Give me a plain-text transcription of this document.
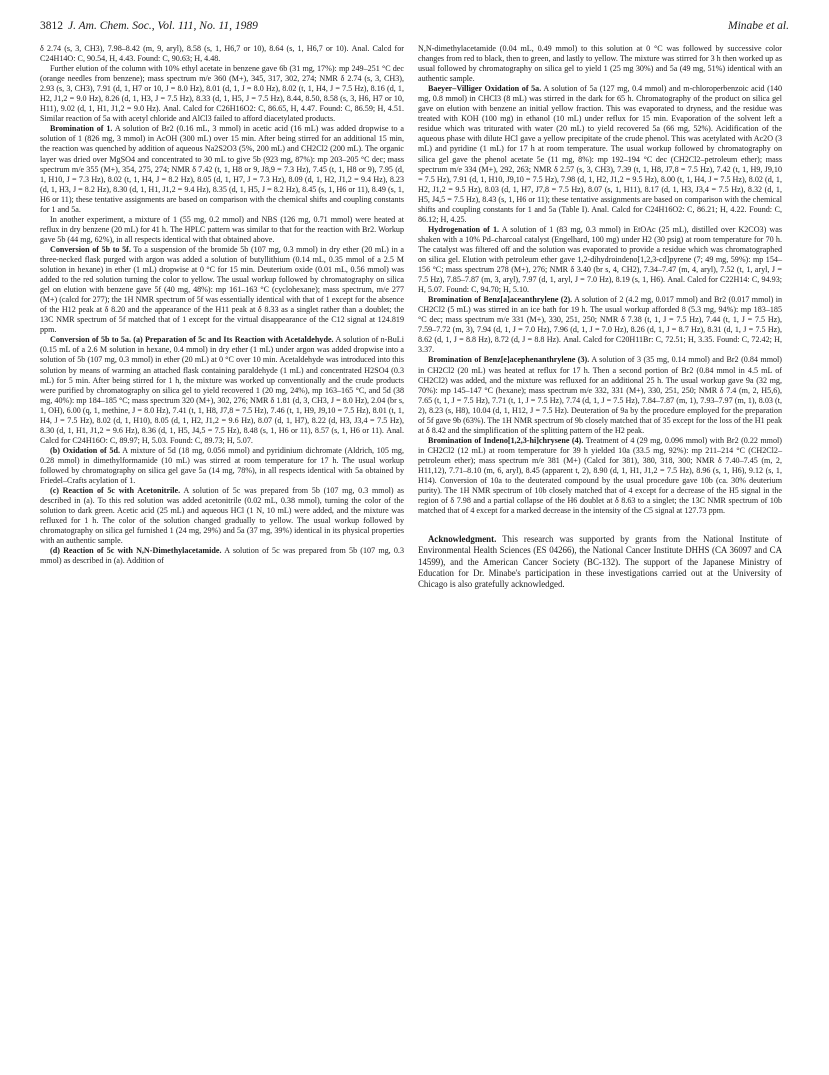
3812 J. Am. Chem. Soc., Vol. 111, No. 11, 1989	Minabe et al.

δ 2.74 (s, 3, CH3), 7.98–8.42 (m, 9, aryl), 8.58 (s, 1, H6,7 or 10), 8.64 (s, 1, H6,7 or 10). Anal. Calcd for C24H14O: C, 90.54, H, 4.43. Found: C, 90.63; H, 4.48.

Further elution of the column with 10% ethyl acetate in benzene gave 6b (31 mg, 17%): mp 249–251 °C dec (orange needles from benzene); mass spectrum m/e 360 (M+), 345, 317, 302, 274; NMR δ 2.74 (s, 3, CH3), 2.93 (s, 3, CH3), 7.91 (d, 1, H7 or 10, J = 8.0 Hz), 8.01 (d, 1, J = 8.0 Hz), 8.02 (t, 1, H4, J = 7.5 Hz), 8.16 (d, 1, H2, J1,2 = 9.0 Hz), 8.26 (d, 1, H3, J = 7.5 Hz), 8.33 (d, 1, H5, J = 7.5 Hz), 8.44, 8.50, 8.58 (s, 3, H6, H7 or 10, H11), 9.02 (d, 1, H1, J1,2 = 9.0 Hz). Anal. Calcd for C26H16O2: C, 86.65, H, 4.47. Found: C, 86.59; H, 4.51. Similar reaction of 5a with acetyl chloride and AlCl3 failed to afford diacetylated products.

Bromination of 1. A solution of Br2 (0.16 mL, 3 mmol) in acetic acid (16 mL) was added dropwise to a solution of 1 (826 mg, 3 mmol) in AcOH (300 mL) over 15 min. After being stirred for an additional 15 min, the reaction was quenched by addition of aqueous Na2S2O3 (5%, 200 mL) and CH2Cl2 (200 mL). The organic layer was dried over MgSO4 and concentrated to 30 mL to give 5b (923 mg, 87%): mp 203–205 °C dec; mass spectrum m/e 355 (M+), 354, 275, 274; NMR δ 7.42 (t, 1, H8 or 9, J8,9 = 7.3 Hz), 7.45 (t, 1, H8 or 9), 7.95 (d, 1, H10, J = 7.3 Hz), 8.02 (t, 1, H4, J = 8.2 Hz), 8.05 (d, 1, H7, J = 7.3 Hz), 8.09 (d, 1, H2, J1,2 = 9.4 Hz), 8.23 (d, 1, H3, J = 8.2 Hz), 8.30 (d, 1, H1, J1,2 = 9.4 Hz), 8.35 (d, 1, H5, J = 8.2 Hz), 8.45 (s, 1, H6 or 11), 8.49 (s, 1, H6 or 11); these tentative assignments are based on comparison with the chemical shifts and coupling constants for 1 and 5a.

In another experiment, a mixture of 1 (55 mg, 0.2 mmol) and NBS (126 mg, 0.71 mmol) were heated at reflux in dry benzene (20 mL) for 41 h. The HPLC pattern was similar to that for the reaction with Br2. Workup gave 5b (44 mg, 62%), in all respects identical with that obtained above.

Conversion of 5b to 5f. To a suspension of the bromide 5b (107 mg, 0.3 mmol) in dry ether (20 mL) in a three-necked flask purged with argon was added a solution of butyllithium (0.14 mL, 0.35 mmol of a 2.5 M solution in hexane) in ether (1 mL) dropwise at 0 °C for 15 min. Deuterium oxide (0.01 mL, 0.56 mmol) was added to the red solution turning the color to yellow. The usual workup followed by chromatography on silica gel on elution with benzene gave 5f (40 mg, 48%): mp 161–163 °C (cyclohexane); mass spectrum, m/e 277 (M+) (calcd for 277); the 1H NMR spectrum of 5f was essentially identical with that of 1 except for the absence of the H12 peak at δ 8.20 and the appearance of the H11 peak at δ 8.33 as a singlet rather than a doublet; the 13C NMR spectrum of 5f matched that of 1 except for the virtual disappearance of the C12 signal at 124.819 ppm.

Conversion of 5b to 5a. (a) Preparation of 5c and Its Reaction with Acetaldehyde. A solution of n-BuLi (0.15 mL of a 2.6 M solution in hexane, 0.4 mmol) in dry ether (1 mL) under argon was added dropwise into a solution of 5b (107 mg, 0.3 mmol) in ether (20 mL) at 0 °C over 10 min. Acetaldehyde was introduced into this solution by means of warming an attached flask containing paraldehyde (1 mL) and concentrated H2SO4 (0.3 mL) for 5 min. After being stirred for 1 h, the mixture was worked up conventionally and the crude products were purified by chromatography on silica gel to yield recovered 1 (20 mg, 24%), mp 163–165 °C, and 5d (38 mg, 40%): mp 184–185 °C; mass spectrum 320 (M+), 302, 276; NMR δ 1.81 (d, 3, CH3, J = 8.0 Hz), 2.04 (br s, 1, OH), 6.00 (q, 1, methine, J = 8.0 Hz), 7.41 (t, 1, H8, J7,8 = 7.5 Hz), 7.46 (t, 1, H9, J9,10 = 7.5 Hz), 8.01 (t, 1, H4, J = 7.5 Hz), 8.02 (d, 1, H10), 8.05 (d, 1, H2, J1,2 = 9.6 Hz), 8.07 (d, 1, H7), 8.22 (d, H3, J3,4 = 7.5 Hz), 8.30 (d, 1, H1, J1,2 = 9.6 Hz), 8.36 (d, 1, H5, J4,5 = 7.5 Hz), 8.48 (s, 1, H6 or 11), 8.57 (s, 1, H6 or 11). Anal. Calcd for C24H16O: C, 89.97; H, 5.03. Found: C, 89.73; H, 5.07.

(b) Oxidation of 5d. A mixture of 5d (18 mg, 0.056 mmol) and pyridinium dichromate (Aldrich, 105 mg, 0.28 mmol) in dimethylformamide (10 mL) was stirred at room temperature for 17 h. The usual workup followed by chromatography on silica gel gave 5a (14 mg, 78%), in all respects identical with 5a obtained by Friedel–Crafts acylation of 1.

(c) Reaction of 5c with Acetonitrile. A solution of 5c was prepared from 5b (107 mg, 0.3 mmol) as described in (a). To this red solution was added acetonitrile (0.02 mL, 0.38 mmol), turning the color of the solution to dark green. Acetic acid (25 mL) and aqueous HCl (1 N, 10 mL) were added, and the mixture was refluxed for 1 h. The color of the solution changed gradually to yellow. The usual workup followed by chromatography on silica gel furnished 1 (24 mg, 29%) and 5a (37 mg, 39%) identical in its physical properties with an authentic sample.

(d) Reaction of 5c with N,N-Dimethylacetamide. A solution of 5c was prepared from 5b (107 mg, 0.3 mmol) as described in (a). Addition of

N,N-dimethylacetamide (0.04 mL, 0.49 mmol) to this solution at 0 °C was followed by successive color changes from red to black, then to green, and lastly to yellow. The mixture was stirred for 3 h then worked up as usual followed by chromatography on silica gel to yield 1 (25 mg 30%) and 5a (49 mg, 51%) identical with an authentic sample.

Baeyer–Villiger Oxidation of 5a. A solution of 5a (127 mg, 0.4 mmol) and m-chloroperbenzoic acid (140 mg, 0.8 mmol) in CHCl3 (8 mL) was stirred in the dark for 65 h. Chromatography of the product on silica gel gave on elution with benzene an initial yellow fraction. This was evaporated to dryness, and the residue was treated with KOH (100 mg) in ethanol (10 mL) under reflux for 15 min. Evaporation of the solvent left a residue which was triturated with water (20 mL) to yield recovered 5a (66 mg, 52%). Acidification of the aqueous phase with dilute HCl gave a yellow precipitate of the crude phenol. This was acetylated with Ac2O (3 mL) and pyridine (1 mL) for 17 h at room temperature. The usual workup followed by chromatography on silica gel gave the phenol acetate 5e (11 mg, 8%): mp 192–194 °C dec (CH2Cl2–petroleum ether); mass spectrum m/e 334 (M+), 292, 263; NMR δ 2.57 (s, 3, CH3), 7.39 (t, 1, H8, J7,8 = 7.5 Hz), 7.42 (t, 1, H9, J9,10 = 7.5 Hz), 7.91 (d, 1, H10, J9,10 = 7.5 Hz), 7.98 (d, 1, H2, J1,2 = 9.5 Hz), 8.00 (t, 1, H4, J = 7.5 Hz), 8.02 (d, 1, H2, J1,2 = 9.5 Hz), 8.03 (d, 1, H7, J7,8 = 7.5 Hz), 8.07 (s, 1, H11), 8.17 (d, 1, H3, J3,4 = 7.5 Hz), 8.32 (d, 1, H5, J4,5 = 7.5 Hz), 8.43 (s, 1, H6 or 11); these tentative assignments are based on comparison with the chemical shifts and coupling constants for 1 and 5a (Table I). Anal. Calcd for C24H16O2: C, 86.21; H, 4.22. Found: C, 86.12; H, 4.25.

Hydrogenation of 1. A solution of 1 (83 mg, 0.3 mmol) in EtOAc (25 mL), distilled over K2CO3) was shaken with a 10% Pd–charcoal catalyst (Engelhard, 100 mg) under H2 (30 psig) at room temperature for 70 h. The catalyst was filtered off and the solution was evaporated to provide a residue which was chromatographed on silica gel. Elution with petroleum ether gave 1,2-dihydroindeno[1,2,3-cd]pyrene (7; 49 mg, 59%): mp 154–156 °C; mass spectrum 278 (M+), 276; NMR δ 3.40 (br s, 4, CH2), 7.34–7.47 (m, 4, aryl), 7.52 (t, 1, aryl, J = 7.5 Hz), 7.85–7.87 (m, 3, aryl), 7.97 (d, 1, aryl, J = 7.0 Hz), 8.19 (s, 1, H6). Anal. Calcd for C22H14: C, 94.93; H, 5.07. Found: C, 94.70; H, 5.10.

Bromination of Benz[a]aceanthrylene (2). A solution of 2 (4.2 mg, 0.017 mmol) and Br2 (0.017 mmol) in CH2Cl2 (5 mL) was stirred in an ice bath for 19 h. The usual workup afforded 8 (5.3 mg, 94%): mp 183–185 °C dec; mass spectrum m/e 331 (M+), 330, 251, 250; NMR δ 7.38 (t, 1, J = 7.5 Hz), 7.44 (t, 1, J = 7.5 Hz), 7.59–7.72 (m, 3), 7.94 (d, 1, J = 7.0 Hz), 7.96 (d, 1, J = 7.0 Hz), 8.26 (d, 1, J = 8.7 Hz), 8.31 (d, 1, J = 7.5 Hz), 8.62 (d, 1, J = 8.8 Hz), 8.72 (d, J = 8.8 Hz). Anal. Calcd for C20H11Br: C, 72.51; H, 3.35. Found: C, 72.42; H, 3.37.

Bromination of Benz[e]acephenanthrylene (3). A solution of 3 (35 mg, 0.14 mmol) and Br2 (0.84 mmol) in CH2Cl2 (20 mL) was heated at reflux for 17 h. Then a second portion of Br2 (0.84 mmol in 4.5 mL of CH2Cl2) was added, and the mixture was refluxed for an additional 25 h. The usual workup gave 9a (32 mg, 70%): mp 145–147 °C (hexane); mass spectrum m/e 332, 331 (M+), 330, 251, 250; NMR δ 7.4 (m, 2, H5,6), 7.65 (t, 1, J = 7.5 Hz), 7.71 (t, 1, J = 7.5 Hz), 7.74 (d, 1, J = 7.5 Hz), 7.84–7.87 (m, 1), 7.93–7.97 (m, 1), 8.03 (t, 2), 8.23 (s, H8), 10.04 (d, 1, H12, J = 7.5 Hz). Deuteration of 9a by the procedure employed for the preparation of 5f gave 9b (63%). The 1H NMR spectrum of 9b closely matched that of 35 except for the loss of the H1 peak at δ 8.42 and the simplification of the splitting pattern of the H2 peak.

Bromination of Indeno[1,2,3-hi]chrysene (4). Treatment of 4 (29 mg, 0.096 mmol) with Br2 (0.22 mmol) in CH2Cl2 (12 mL) at room temperature for 39 h yielded 10a (33.5 mg, 92%): mp 211–214 °C (CH2Cl2–petroleum ether); mass spectrum m/e 381 (M+) (Calcd for 381), 380, 318, 300; NMR δ 7.40–7.45 (m, 2, H11,12), 7.71–8.10 (m, 6, aryl), 8.45 (apparent t, 2), 8.90 (d, 1, H1, J1,2 = 7.5 Hz), 8.96 (s, 1, H6), 9.12 (s, 1, H14). Conversion of 10a to the deuterated compound by the usual procedure gave 10b (ca. 30% deuterium purity). The 1H NMR spectrum of 10b closely matched that of 4 except for a decrease of the H5 signal in the region of δ 7.98 and a partial collapse of the H6 doublet at δ 8.63 to a singlet; the 13C NMR spectrum of 10b matched that of 4 except for a marked decrease in the intensity of the C5 signal at 127.73 ppm.

Acknowledgment. This research was supported by grants from the National Institute of Environmental Health Sciences (ES 04266), the National Cancer Institute DHHS (CA 36097 and CA 14599), and the American Cancer Society (BC-132). The support of the Japanese Ministry of Education for Dr. Minabe's participation in these investigations carried out at the University of Chicago is also gratefully acknowledged.
